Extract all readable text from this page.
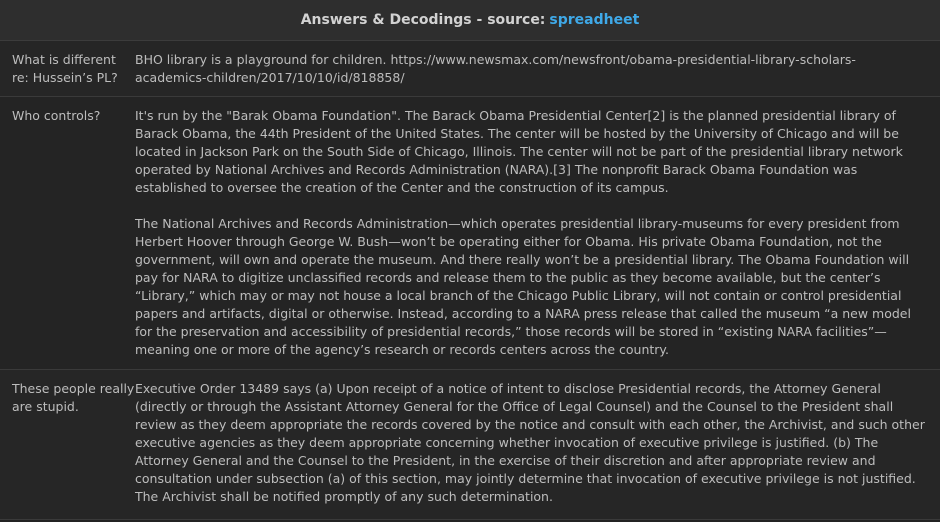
Answers & Decodings - source: spreadheet
What is different re: Hussein’s PL?

BHO library is a playground for children. https://www.newsmax.com/newsfront/obama-presidential-library-scholars-academics-children/2017/10/10/id/818858/

Who controls?	It's run by the "Barak Obama Foundation". The Barack Obama Presidential Center[2] is the planned presidential library of Barack Obama, the 44th President of the United States. The center will be hosted by the University of Chicago and will be located in Jackson Park on the South Side of Chicago, Illinois. The center will not be part of the presidential library network operated by National Archives and Records Administration (NARA).[3] The nonprofit Barack Obama Foundation was established to oversee the creation of the Center and the construction of its campus.

The National Archives and Records Administration—which operates presidential library-museums for every president from Herbert Hoover through George W. Bush—won’t be operating either for Obama. His private Obama Foundation, not the government, will own and operate the museum. And there really won’t be a presidential library. The Obama Foundation will pay for NARA to digitize unclassified records and release them to the public as they become available, but the center’s “Library,” which may or may not house a local branch of the Chicago Public Library, will not contain or control presidential papers and artifacts, digital or otherwise. Instead, according to a NARA press release that called the museum “a new model for the preservation and accessibility of presidential records,” those records will be stored in “existing NARA facilities”—meaning one or more of the agency’s research or records centers across the country.

These people really are stupid.

Executive Order 13489 says (a) Upon receipt of a notice of intent to disclose Presidential records, the Attorney General (directly or through the Assistant Attorney General for the Office of Legal Counsel) and the Counsel to the President shall review as they deem appropriate the records covered by the notice and consult with each other, the Archivist, and such other executive agencies as they deem appropriate concerning whether invocation of executive privilege is justified. (b) The Attorney General and the Counsel to the President, in the exercise of their discretion and after appropriate review and consultation under subsection (a) of this section, may jointly determine that invocation of executive privilege is not justified. The Archivist shall be notified promptly of any such determination.
